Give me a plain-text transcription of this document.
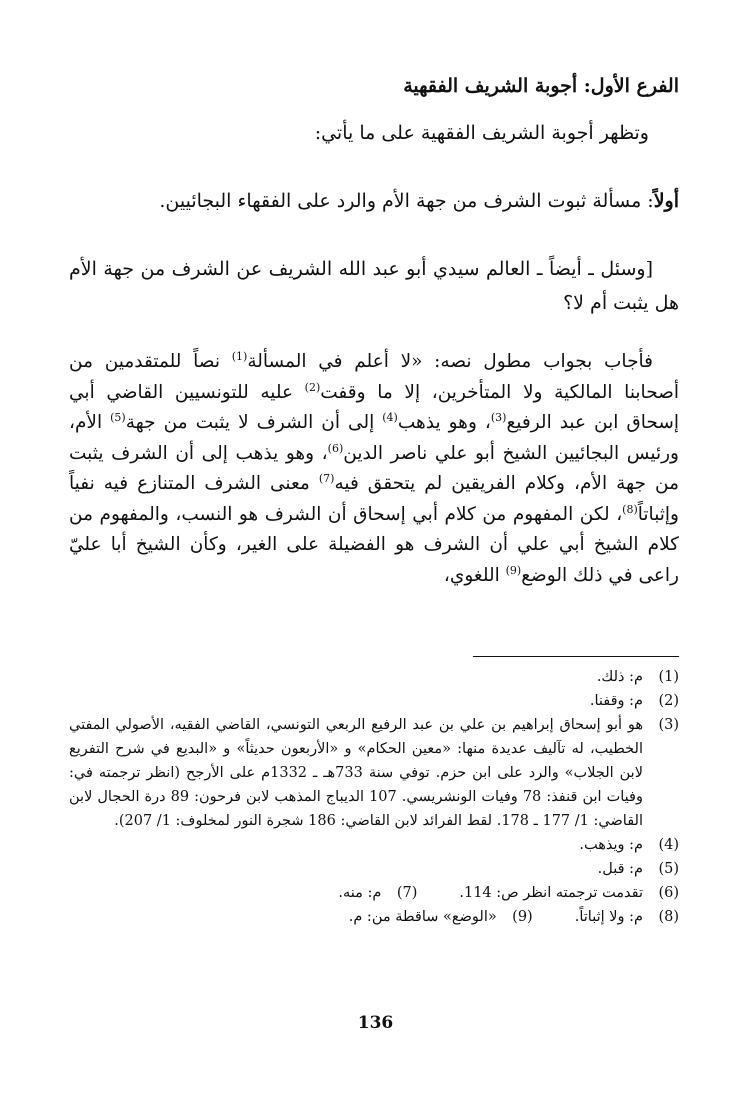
الفرع الأول: أجوبة الشريف الفقهية

وتظهر أجوبة الشريف الفقهية على ما يأتي:

أولاً: مسألة ثبوت الشرف من جهة الأم والرد على الفقهاء البجائيين.

[وسئل ـ أيضاً ـ العالم سيدي أبو عبد الله الشريف عن الشرف من جهة الأم هل يثبت أم لا؟

فأجاب بجواب مطول نصه: «لا أعلم في المسألة$^{(1)}$ نصاً للمتقدمين من أصحابنا المالكية ولا المتأخرين، إلا ما وقفت$^{(2)}$ عليه للتونسيين القاضي أبي إسحاق ابن عبد الرفيع$^{(3)}$، وهو يذهب$^{(4)}$ إلى أن الشرف لا يثبت من جهة$^{(5)}$ الأم، ورئيس البجائيين الشيخ أبو علي ناصر الدين$^{(6)}$، وهو يذهب إلى أن الشرف يثبت من جهة الأم، وكلام الفريقين لم يتحقق فيه$^{(7)}$ معنى الشرف المتنازع فيه نفياً وإثباتاً$^{(8)}$، لكن المفهوم من كلام أبي إسحاق أن الشرف هو النسب، والمفهوم من كلام الشيخ أبي علي أن الشرف هو الفضيلة على الغير، وكأن الشيخ أبا عليّ راعى في ذلك الوضع$^{(9)}$ اللغوي،

(1)
م: ذلك.
(2)
م: وقفنا.
(3)
هو أبو إسحاق إبراهيم بن علي بن عبد الرفيع الربعي التونسي، القاضي الفقيه، الأصولي المفتي الخطيب، له تآليف عديدة منها: «معين الحكام» و «الأربعون حديثاً» و «البديع في شرح التفريع لابن الجلاب» والرد على ابن حزم. توفي سنة 733هـ ـ 1332م على الأرجح (انظر ترجمته في: وفيات ابن قنفذ: 78 وفيات الونشريسي. 107 الديباج المذهب لابن فرحون: 89 درة الحجال لابن القاضي: 1/ 177 ـ 178. لقط الفرائد لابن القاضي: 186 شجرة النور لمخلوف: 1/ 207).
(4)
م: ويذهب.
(5)
م: قبل.
(6)
تقدمت ترجمته انظر ص: 114.
(7)
م: منه.
(8)
م: ولا إثباتاً.
(9)
«الوضع» ساقطة من: م.
136
